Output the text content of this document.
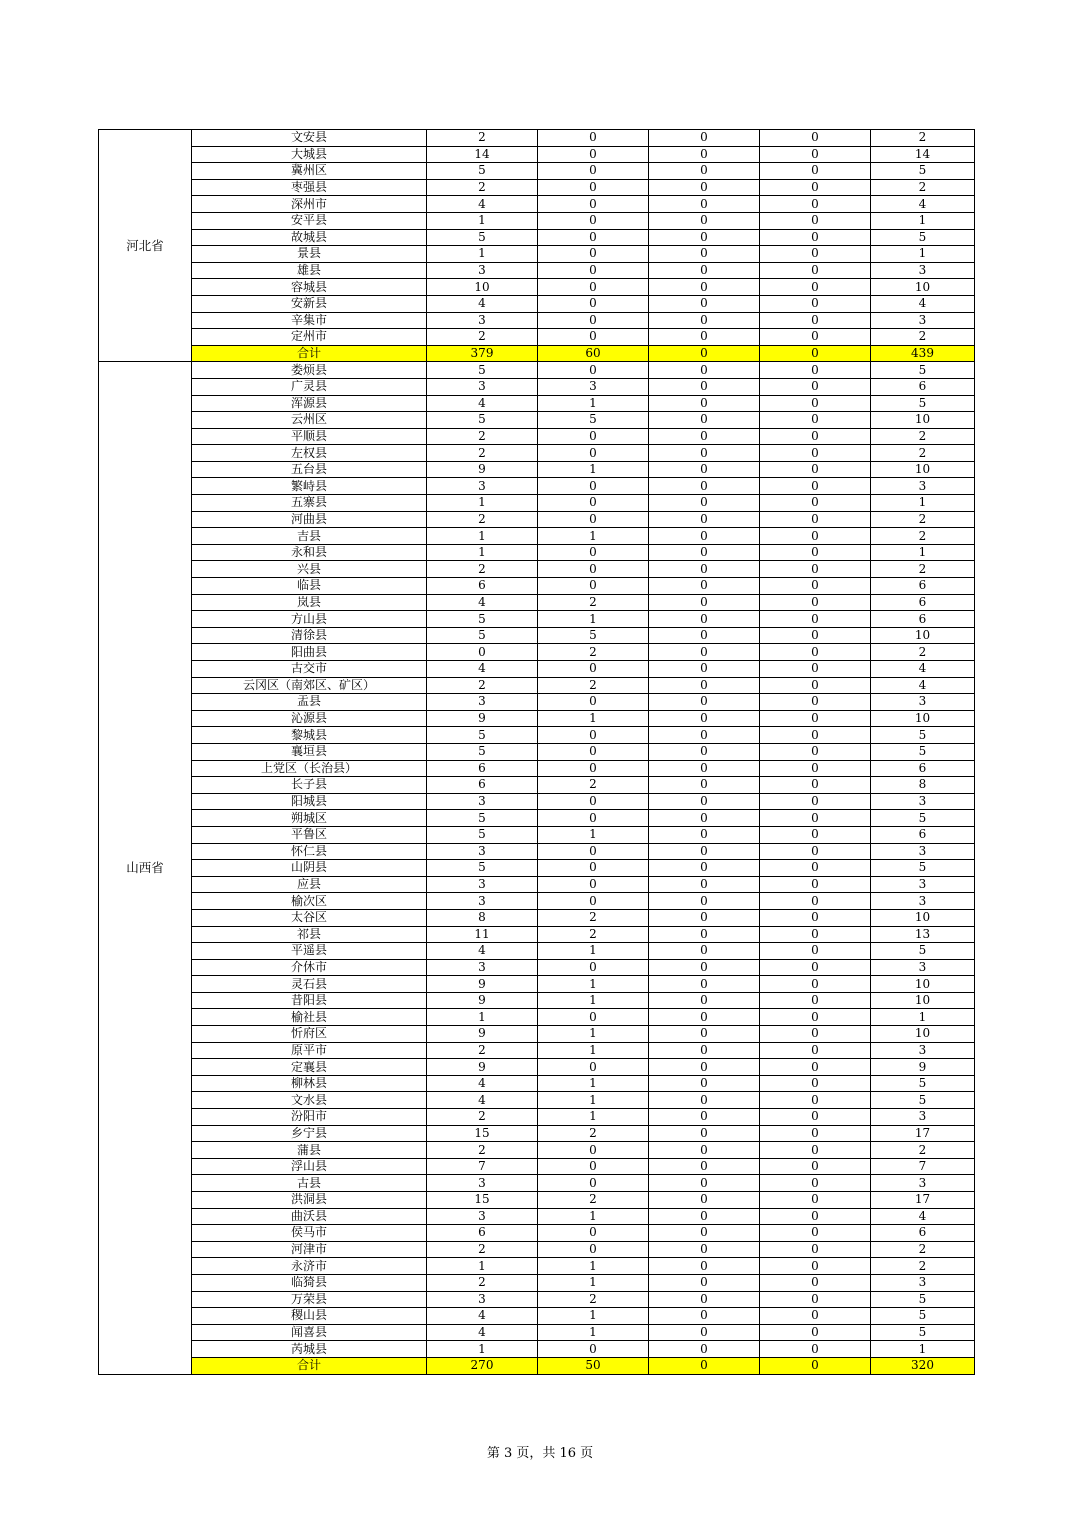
河北省	文安县	2	0	0	0	2
	大城县	14	0	0	0	14
	冀州区	5	0	0	0	5
	枣强县	2	0	0	0	2
	深州市	4	0	0	0	4
	安平县	1	0	0	0	1
	故城县	5	0	0	0	5
	景县	1	0	0	0	1
	雄县	3	0	0	0	3
	容城县	10	0	0	0	10
	安新县	4	0	0	0	4
	辛集市	3	0	0	0	3
	定州市	2	0	0	0	2
	合计	379	60	0	0	439
山西省	娄烦县	5	0	0	0	5
	广灵县	3	3	0	0	6
	浑源县	4	1	0	0	5
	云州区	5	5	0	0	10
	平顺县	2	0	0	0	2
	左权县	2	0	0	0	2
	五台县	9	1	0	0	10
	繁峙县	3	0	0	0	3
	五寨县	1	0	0	0	1
	河曲县	2	0	0	0	2
	吉县	1	1	0	0	2
	永和县	1	0	0	0	1
	兴县	2	0	0	0	2
	临县	6	0	0	0	6
	岚县	4	2	0	0	6
	方山县	5	1	0	0	6
	清徐县	5	5	0	0	10
	阳曲县	0	2	0	0	2
	古交市	4	0	0	0	4
	云冈区（南郊区、矿区）	2	2	0	0	4
	盂县	3	0	0	0	3
	沁源县	9	1	0	0	10
	黎城县	5	0	0	0	5
	襄垣县	5	0	0	0	5
	上党区（长治县）	6	0	0	0	6
	长子县	6	2	0	0	8
	阳城县	3	0	0	0	3
	朔城区	5	0	0	0	5
	平鲁区	5	1	0	0	6
	怀仁县	3	0	0	0	3
	山阴县	5	0	0	0	5
	应县	3	0	0	0	3
	榆次区	3	0	0	0	3
	太谷区	8	2	0	0	10
	祁县	11	2	0	0	13
	平遥县	4	1	0	0	5
	介休市	3	0	0	0	3
	灵石县	9	1	0	0	10
	昔阳县	9	1	0	0	10
	榆社县	1	0	0	0	1
	忻府区	9	1	0	0	10
	原平市	2	1	0	0	3
	定襄县	9	0	0	0	9
	柳林县	4	1	0	0	5
	文水县	4	1	0	0	5
	汾阳市	2	1	0	0	3
	乡宁县	15	2	0	0	17
	蒲县	2	0	0	0	2
	浮山县	7	0	0	0	7
	古县	3	0	0	0	3
	洪洞县	15	2	0	0	17
	曲沃县	3	1	0	0	4
	侯马市	6	0	0	0	6
	河津市	2	0	0	0	2
	永济市	1	1	0	0	2
	临猗县	2	1	0	0	3
	万荣县	3	2	0	0	5
	稷山县	4	1	0	0	5
	闻喜县	4	1	0	0	5
	芮城县	1	0	0	0	1
	合计	270	50	0	0	320
第 3 页，共 16 页
